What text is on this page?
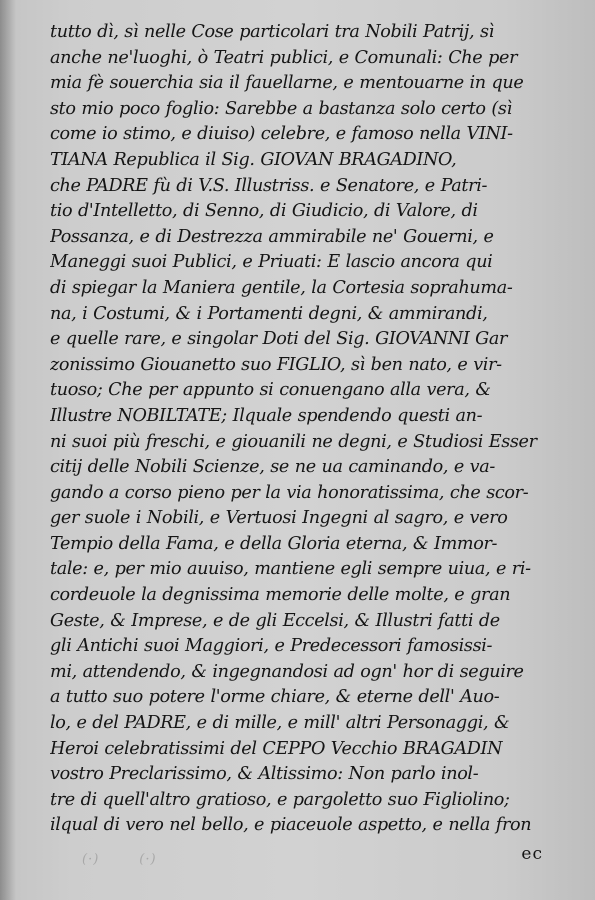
tutto dì, sì nelle Cose particolari tra Nobili Patrij, sì
anche ne'luoghi, ò Teatri publici, e Comunali: Che per
mia fè souerchia sia il fauellarne, e mentouarne in que
sto mio poco foglio: Sarebbe a bastanza solo certo (sì
come io stimo, e diuiso) celebre, e famoso nella VINI-
TIANA Republica il Sig. GIOVAN BRAGADINO,
che PADRE fù di V.S. Illustriss. e Senatore, e Patri-
tio d'Intelletto, di Senno, di Giudicio, di Valore, di
Possanza, e di Destrezza ammirabile ne' Gouerni, e
Maneggi suoi Publici, e Priuati: E lascio ancora qui
di spiegar la Maniera gentile, la Cortesia soprahuma-
na, i Costumi, & i Portamenti degni, & ammirandi,
e quelle rare, e singolar Doti del Sig. GIOVANNI Gar
zonissimo Giouanetto suo FIGLIO, sì ben nato, e vir-
tuoso; Che per appunto si conuengano alla vera, &
Illustre NOBILTATE; Ilquale spendendo questi an-
ni suoi più freschi, e giouanili ne degni, e Studiosi Esser
citij delle Nobili Scienze, se ne ua caminando, e va-
gando a corso pieno per la via honoratissima, che scor-
ger suole i Nobili, e Vertuosi Ingegni al sagro, e vero
Tempio della Fama, e della Gloria eterna, & Immor-
tale: e, per mio auuiso, mantiene egli sempre uiua, e ri-
cordeuole la degnissima memorie delle molte, e gran
Geste, & Imprese, e de gli Eccelsi, & Illustri fatti de
gli Antichi suoi Maggiori, e Predecessori famosissi-
mi, attendendo, & ingegnandosi ad ogn' hor di seguire
a tutto suo potere l'orme chiare, & eterne dell' Auo-
lo, e del PADRE, e di mille, e mill' altri Personaggi, &
Heroi celebratissimi del CEPPO Vecchio BRAGADIN
vostro Preclarissimo, & Altissimo: Non parlo inol-
tre di quell'altro gratioso, e pargoletto suo Figliolino;
ilqual di vero nel bello, e piaceuole aspetto, e nella fron
(·)	(·)	ec
